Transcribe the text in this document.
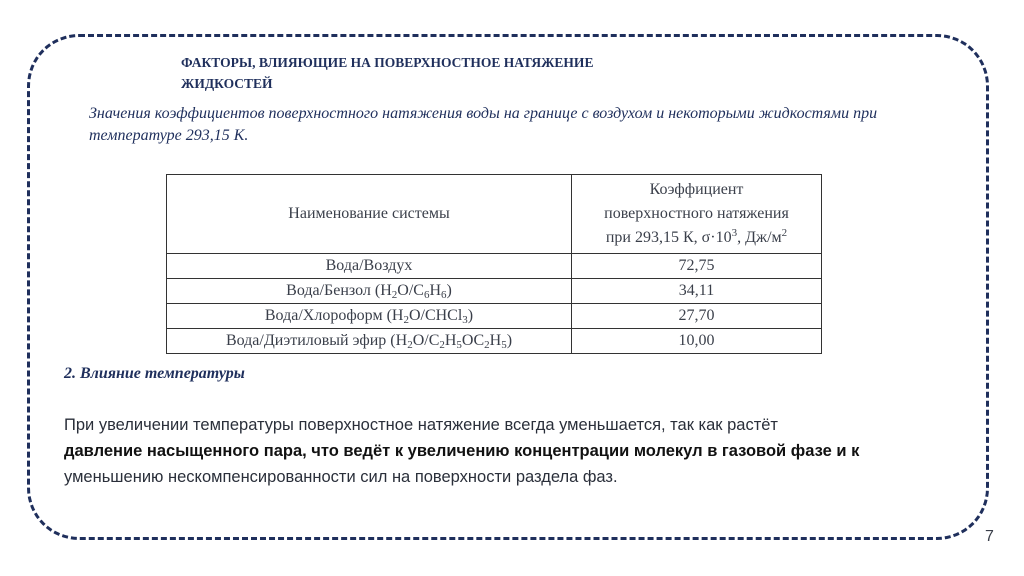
ФАКТОРЫ, ВЛИЯЮЩИЕ НА ПОВЕРХНОСТНОЕ НАТЯЖЕНИЕ
ЖИДКОСТЕЙ
Значения коэффициентов поверхностного натяжения воды на границе с воздухом и некоторыми жидкостями при температуре 293,15 К.
Наименование системы	Коэффициент
поверхностного натяжения
при 293,15 К, $\sigma\cdot 10^3$, $Дж/м^2$

Вода/Воздух	72,75
Вода/Бензол $(H_2O/C_6H_6)$	34,11
Вода/Хлороформ $(H_2O/CHCl_3)$	27,70
Вода/Диэтиловый эфир $(H_2O/C_2H_5OC_2H_5)$	10,00
2. Влияние температуры
При увеличении температуры поверхностное натяжение всегда уменьшается, так как растёт
давление насыщенного пара, что ведёт к увеличению концентрации молекул в газовой фазе и к
уменьшению нескомпенсированности сил на поверхности раздела фаз.
7
